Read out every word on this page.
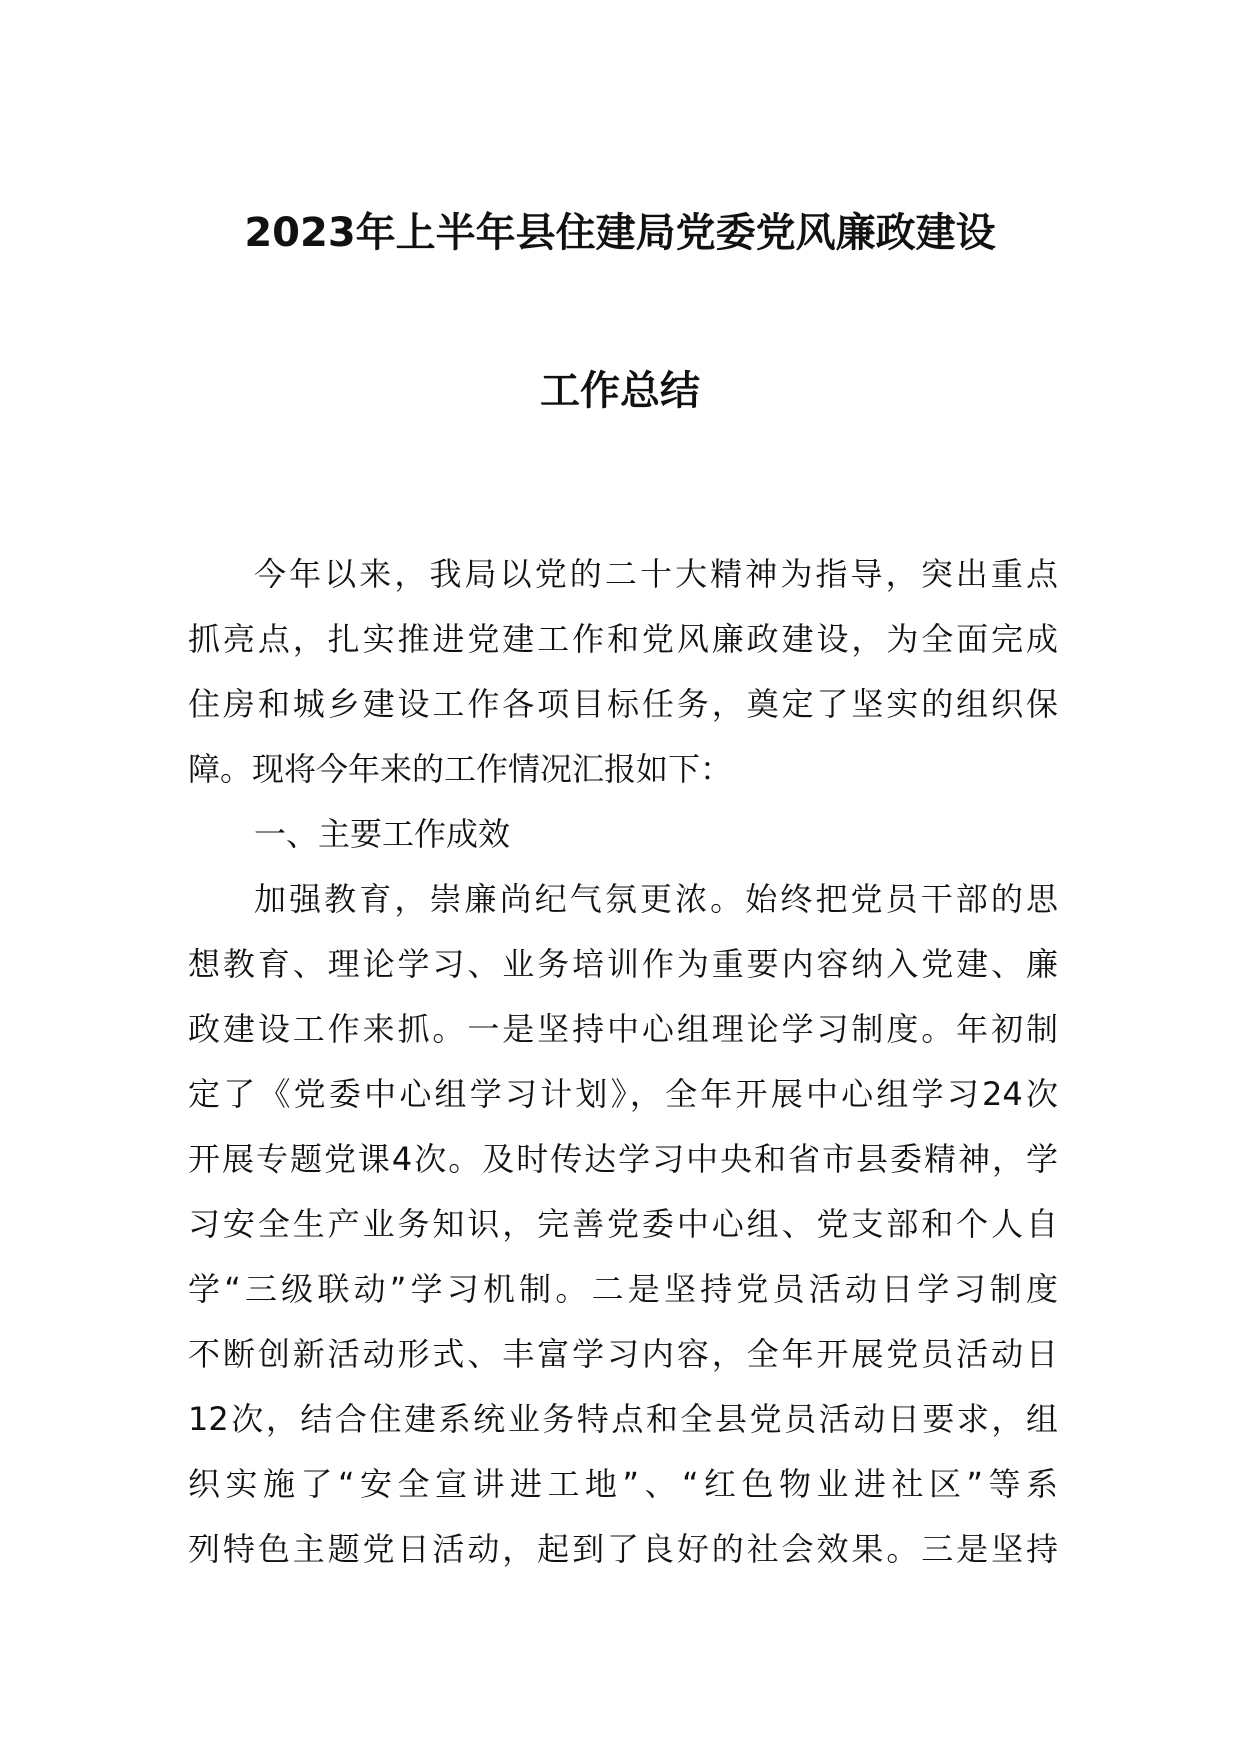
2023年上半年县住建局党委党风廉政建设
工作总结
今年以来，我局以党的二十大精神为指导，突出重点
抓亮点，扎实推进党建工作和党风廉政建设，为全面完成
住房和城乡建设工作各项目标任务，奠定了坚实的组织保
障。现将今年来的工作情况汇报如下：
一、主要工作成效
加强教育，崇廉尚纪气氛更浓。始终把党员干部的思
想教育、理论学习、业务培训作为重要内容纳入党建、廉
政建设工作来抓。一是坚持中心组理论学习制度。年初制
定了《党委中心组学习计划》，全年开展中心组学习24次
开展专题党课4次。及时传达学习中央和省市县委精神，学
习安全生产业务知识，完善党委中心组、党支部和个人自
学“三级联动”学习机制。二是坚持党员活动日学习制度
不断创新活动形式、丰富学习内容，全年开展党员活动日
12次，结合住建系统业务特点和全县党员活动日要求，组
织实施了“安全宣讲进工地”、“红色物业进社区”等系
列特色主题党日活动，起到了良好的社会效果。三是坚持
